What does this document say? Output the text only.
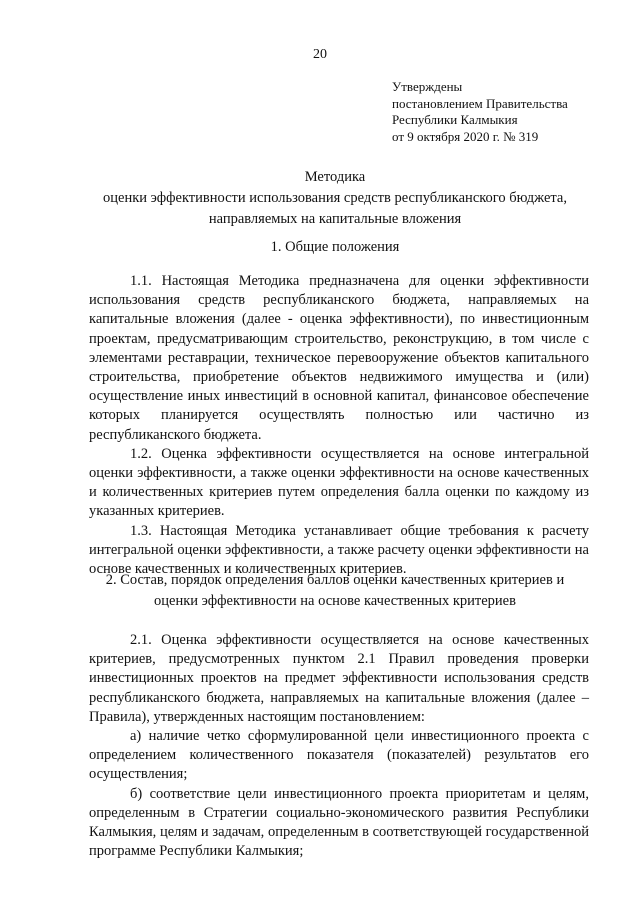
20
Утверждены
постановлением Правительства
Республики Калмыкия
от 9 октября 2020 г. № 319
Методика
оценки эффективности использования средств республиканского бюджета,
направляемых на капитальные вложения
1. Общие положения

1.1. Настоящая Методика предназначена для оценки эффективности использования средств республиканского бюджета, направляемых на капитальные вложения (далее - оценка эффективности), по инвестиционным проектам, предусматривающим строительство, реконструкцию, в том числе с элементами реставрации, техническое перевооружение объектов капитального строительства, приобретение объектов недвижимого имущества и (или) осуществление иных инвестиций в основной капитал, финансовое обеспечение которых планируется осуществлять полностью или частично из республиканского бюджета.

1.2. Оценка эффективности осуществляется на основе интегральной оценки эффективности, а также оценки эффективности на основе качественных и количественных критериев путем определения балла оценки по каждому из указанных критериев.

1.3. Настоящая Методика устанавливает общие требования к расчету интегральной оценки эффективности, а также расчету оценки эффективности на основе качественных и количественных критериев.

2. Состав, порядок определения баллов оценки качественных критериев и
оценки эффективности на основе качественных критериев

2.1. Оценка эффективности осуществляется на основе качественных критериев, предусмотренных пунктом 2.1 Правил проведения проверки инвестиционных проектов на предмет эффективности использования средств республиканского бюджета, направляемых на капитальные вложения (далее – Правила), утвержденных настоящим постановлением:

а) наличие четко сформулированной цели инвестиционного проекта с определением количественного показателя (показателей) результатов его осуществления;

б) соответствие цели инвестиционного проекта приоритетам и целям, определенным в Стратегии социально-экономического развития Республики Калмыкия, целям и задачам, определенным в соответствующей государственной программе Республики Калмыкия;
